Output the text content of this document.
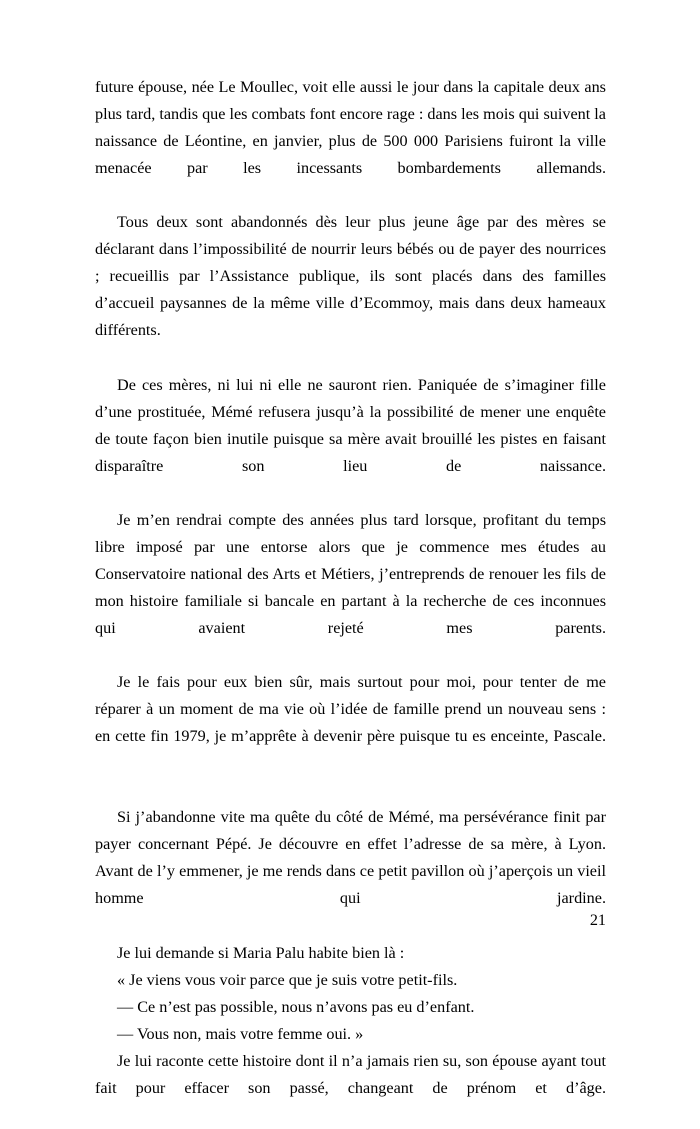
future épouse, née Le Moullec, voit elle aussi le jour dans la capitale deux ans plus tard, tandis que les combats font encore rage : dans les mois qui suivent la naissance de Léontine, en janvier, plus de 500 000 Parisiens fuiront la ville menacée par les incessants bombardements allemands.

Tous deux sont abandonnés dès leur plus jeune âge par des mères se déclarant dans l’impossibilité de nourrir leurs bébés ou de payer des nourrices ; recueillis par l’Assistance publique, ils sont placés dans des familles d’accueil paysannes de la même ville d’Ecommoy, mais dans deux hameaux différents.

De ces mères, ni lui ni elle ne sauront rien. Paniquée de s’imaginer fille d’une prostituée, Mémé refusera jusqu’à la possibilité de mener une enquête de toute façon bien inutile puisque sa mère avait brouillé les pistes en faisant disparaître son lieu de naissance.

Je m’en rendrai compte des années plus tard lorsque, profitant du temps libre imposé par une entorse alors que je commence mes études au Conservatoire national des Arts et Métiers, j’entreprends de renouer les fils de mon histoire familiale si bancale en partant à la recherche de ces inconnues qui avaient rejeté mes parents.

Je le fais pour eux bien sûr, mais surtout pour moi, pour tenter de me réparer à un moment de ma vie où l’idée de famille prend un nouveau sens : en cette fin 1979, je m’apprête à devenir père puisque tu es enceinte, Pascale.

Si j’abandonne vite ma quête du côté de Mémé, ma persévérance finit par payer concernant Pépé. Je découvre en effet l’adresse de sa mère, à Lyon. Avant de l’y emmener, je me rends dans ce petit pavillon où j’aperçois un vieil homme qui jardine.

Je lui demande si Maria Palu habite bien là :

« Je viens vous voir parce que je suis votre petit-fils.

— Ce n’est pas possible, nous n’avons pas eu d’enfant.

— Vous non, mais votre femme oui. »

Je lui raconte cette histoire dont il n’a jamais rien su, son épouse ayant tout fait pour effacer son passé, changeant de prénom et d’âge.

21
